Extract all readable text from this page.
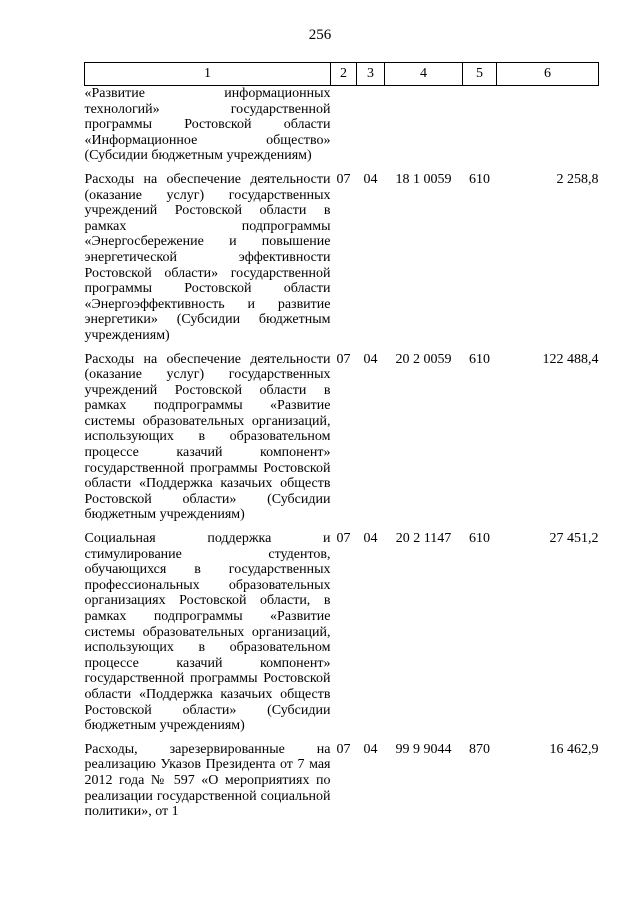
256
1	2	3	4	5	6
«Развитие информационных технологий» государственной программы Ростовской области «Информационное общество» (Субсидии бюджетным учреждениям)					

Расходы на обеспечение деятельности (оказание услуг) государственных учреждений Ростовской области в рамках подпрограммы «Энергосбережение и повышение энергетической эффективности Ростовской области» государственной программы Ростовской области «Энергоэффективность и развитие энергетики» (Субсидии бюджетным учреждениям)	07	04	18 1 0059	610	2 258,8

Расходы на обеспечение деятельности (оказание услуг) государственных учреждений Ростовской области в рамках подпрограммы «Развитие системы образовательных организаций, использующих в образовательном процессе казачий компонент» государственной программы Ростовской области «Поддержка казачьих обществ Ростовской области» (Субсидии бюджетным учреждениям)	07	04	20 2 0059	610	122 488,4

Социальная поддержка и стимулирование студентов, обучающихся в государственных профессиональных образовательных организациях Ростовской области, в рамках подпрограммы «Развитие системы образовательных организаций, использующих в образовательном процессе казачий компонент» государственной программы Ростовской области «Поддержка казачьих обществ Ростовской области» (Субсидии бюджетным учреждениям)	07	04	20 2 1147	610	27 451,2

Расходы, зарезервированные на реализацию Указов Президента от 7 мая 2012 года № 597 «О мероприятиях по реализации государственной социальной политики», от 1	07	04	99 9 9044	870	16 462,9
